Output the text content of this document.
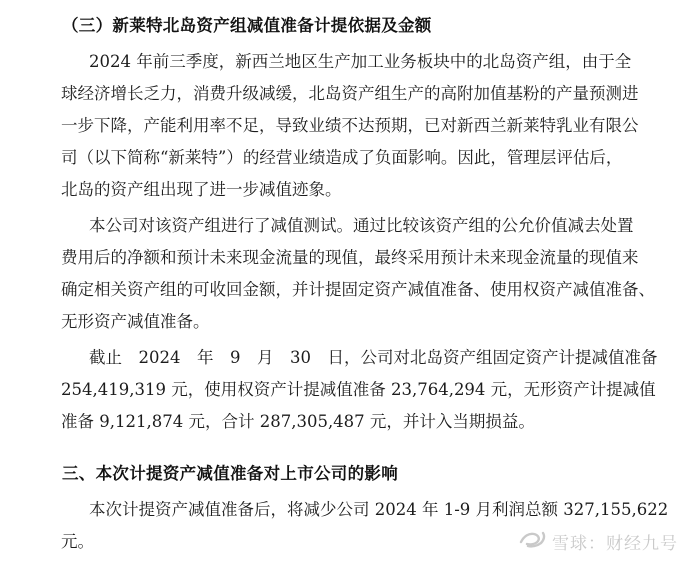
（三）新莱特北岛资产组减值准备计提依据及金额
2024 年前三季度，新西兰地区生产加工业务板块中的北岛资产组，由于全
球经济增长乏力，消费升级减缓，北岛资产组生产的高附加值基粉的产量预测进
一步下降，产能利用率不足，导致业绩不达预期，已对新西兰新莱特乳业有限公
司（以下简称“新莱特”）的经营业绩造成了负面影响。因此，管理层评估后，
北岛的资产组出现了进一步减值迹象。
本公司对该资产组进行了减值测试。通过比较该资产组的公允价值减去处置
费用后的净额和预计未来现金流量的现值，最终采用预计未来现金流量的现值来
确定相关资产组的可收回金额，并计提固定资产减值准备、使用权资产减值准备、
无形资产减值准备。
截止　2024　年　9　月　30　日，公司对北岛资产组固定资产计提减值准备
254,419,319 元，使用权资产计提减值准备 23,764,294 元，无形资产计提减值
准备 9,121,874 元，合计 287,305,487 元，并计入当期损益。
三、本次计提资产减值准备对上市公司的影响
本次计提资产减值准备后，将减少公司 2024 年 1-9 月利润总额 327,155,622
元。	雪球：财经九号
